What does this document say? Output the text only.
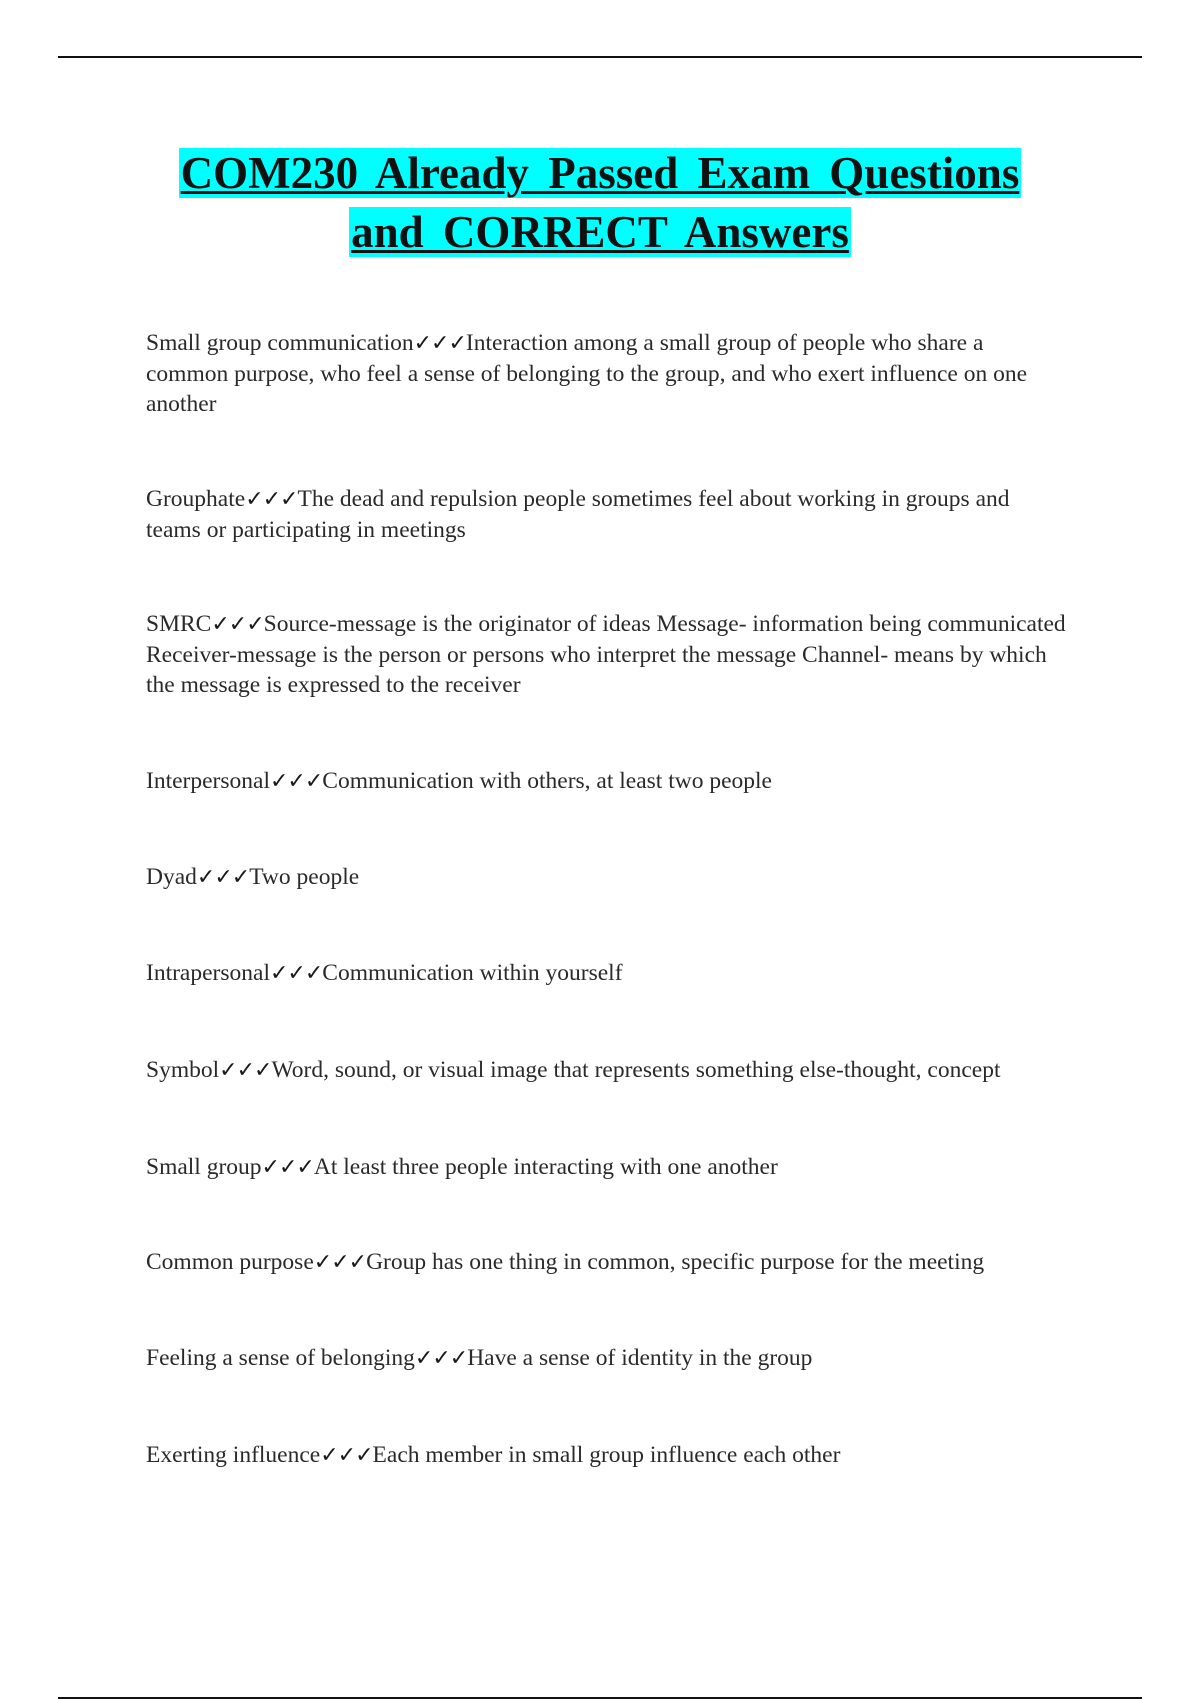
COM230 Already Passed Exam Questions
and CORRECT Answers

Small group communication✓✓✓Interaction among a small group of people who share a common purpose, who feel a sense of belonging to the group, and who exert influence on one another

Grouphate✓✓✓The dead and repulsion people sometimes feel about working in groups and teams or participating in meetings

SMRC✓✓✓Source-message is the originator of ideas Message- information being communicated Receiver-message is the person or persons who interpret the message Channel- means by which the message is expressed to the receiver

Interpersonal✓✓✓Communication with others, at least two people

Dyad✓✓✓Two people

Intrapersonal✓✓✓Communication within yourself

Symbol✓✓✓Word, sound, or visual image that represents something else-thought, concept

Small group✓✓✓At least three people interacting with one another

Common purpose✓✓✓Group has one thing in common, specific purpose for the meeting

Feeling a sense of belonging✓✓✓Have a sense of identity in the group

Exerting influence✓✓✓Each member in small group influence each other
